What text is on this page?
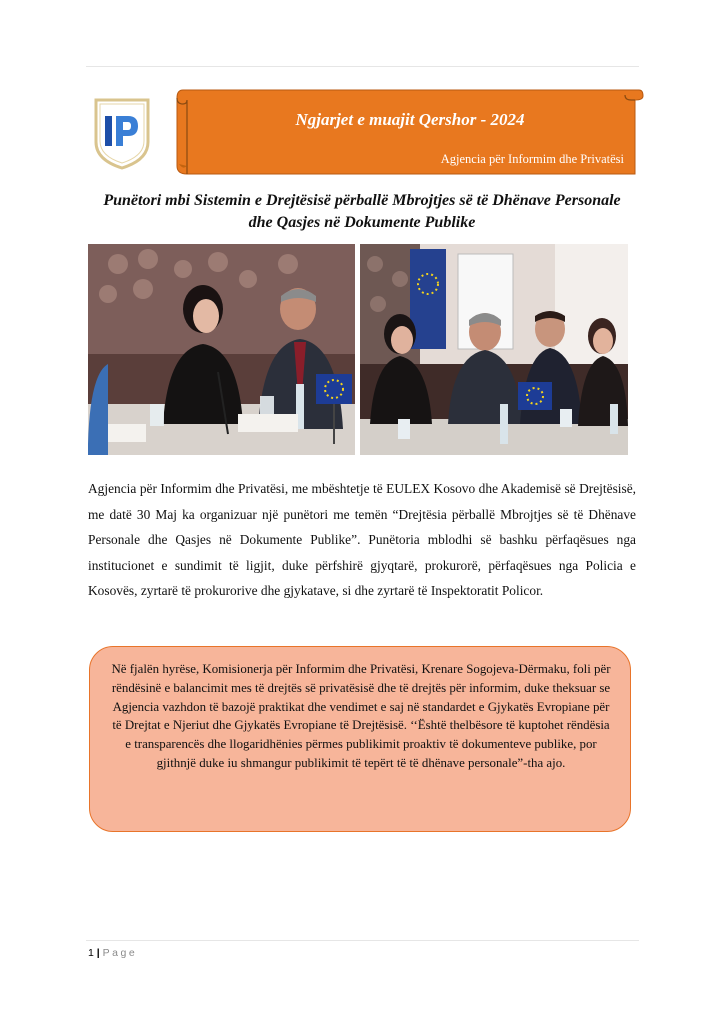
Ngjarjet e muajit Qershor - 2024
Agjencia për Informim dhe Privatësi
Punëtori mbi Sistemin e Drejtësisë përballë Mbrojtjes së të Dhënave Personale dhe Qasjes në Dokumente Publike
Agjencia për Informim dhe Privatësi, me mbështetje të EULEX Kosovo dhe Akademisë së Drejtësisë, me datë 30 Maj ka organizuar një punëtori me temën “Drejtësia përballë Mbrojtjes së të Dhënave Personale dhe Qasjes në Dokumente Publike”. Punëtoria mblodhi së bashku përfaqësues nga institucionet e sundimit të ligjit, duke përfshirë gjyqtarë, prokurorë, përfaqësues nga Policia e Kosovës, zyrtarë të prokurorive dhe gjykatave, si dhe zyrtarë të Inspektoratit Policor.
Në fjalën hyrëse, Komisionerja për Informim dhe Privatësi, Krenare Sogojeva-Dërmaku, foli për rëndësinë e balancimit mes të drejtës së privatësisë dhe të drejtës për informim, duke theksuar se Agjencia vazhdon të bazojë praktikat dhe vendimet e saj në standardet e Gjykatës Evropiane për të Drejtat e Njeriut dhe Gjykatës Evropiane të Drejtësisë. ‘‘Është thelbësore të kuptohet rëndësia e transparencës dhe llogaridhënies përmes publikimit proaktiv të dokumenteve publike, por gjithnjë duke iu shmangur publikimit të tepërt të të dhënave personale”-tha ajo.
1 | Page
